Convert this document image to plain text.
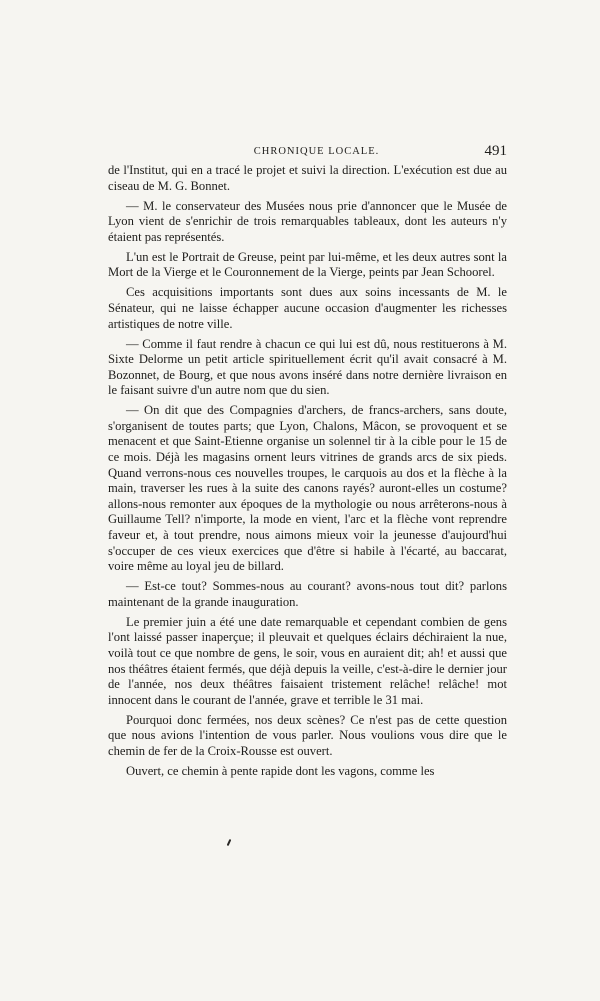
CHRONIQUE LOCALE.	491

de l'Institut, qui en a tracé le projet et suivi la direction. L'exécution est due au ciseau de M. G. Bonnet.

— M. le conservateur des Musées nous prie d'annoncer que le Musée de Lyon vient de s'enrichir de trois remarquables tableaux, dont les auteurs n'y étaient pas représentés.

L'un est le Portrait de Greuse, peint par lui-même, et les deux autres sont la Mort de la Vierge et le Couronnement de la Vierge, peints par Jean Schoorel.

Ces acquisitions importants sont dues aux soins incessants de M. le Sénateur, qui ne laisse échapper aucune occasion d'augmenter les richesses artistiques de notre ville.

— Comme il faut rendre à chacun ce qui lui est dû, nous restituerons à M. Sixte Delorme un petit article spirituellement écrit qu'il avait consacré à M. Bozonnet, de Bourg, et que nous avons inséré dans notre dernière livraison en le faisant suivre d'un autre nom que du sien.

— On dit que des Compagnies d'archers, de francs-archers, sans doute, s'organisent de toutes parts; que Lyon, Chalons, Mâcon, se provoquent et se menacent et que Saint-Etienne organise un solennel tir à la cible pour le 15 de ce mois. Déjà les magasins ornent leurs vitrines de grands arcs de six pieds. Quand verrons-nous ces nouvelles troupes, le carquois au dos et la flèche à la main, traverser les rues à la suite des canons rayés? auront-elles un costume? allons-nous remonter aux époques de la mythologie ou nous arrêterons-nous à Guillaume Tell? n'importe, la mode en vient, l'arc et la flèche vont reprendre faveur et, à tout prendre, nous aimons mieux voir la jeunesse d'aujourd'hui s'occuper de ces vieux exercices que d'être si habile à l'écarté, au baccarat, voire même au loyal jeu de billard.

— Est-ce tout? Sommes-nous au courant? avons-nous tout dit? parlons maintenant de la grande inauguration.

Le premier juin a été une date remarquable et cependant combien de gens l'ont laissé passer inaperçue; il pleuvait et quelques éclairs déchiraient la nue, voilà tout ce que nombre de gens, le soir, vous en auraient dit; ah! et aussi que nos théâtres étaient fermés, que déjà depuis la veille, c'est-à-dire le dernier jour de l'année, nos deux théâtres faisaient tristement relâche! relâche! mot innocent dans le courant de l'année, grave et terrible le 31 mai.

Pourquoi donc fermées, nos deux scènes? Ce n'est pas de cette question que nous avions l'intention de vous parler. Nous voulions vous dire que le chemin de fer de la Croix-Rousse est ouvert.

Ouvert, ce chemin à pente rapide dont les vagons, comme les
